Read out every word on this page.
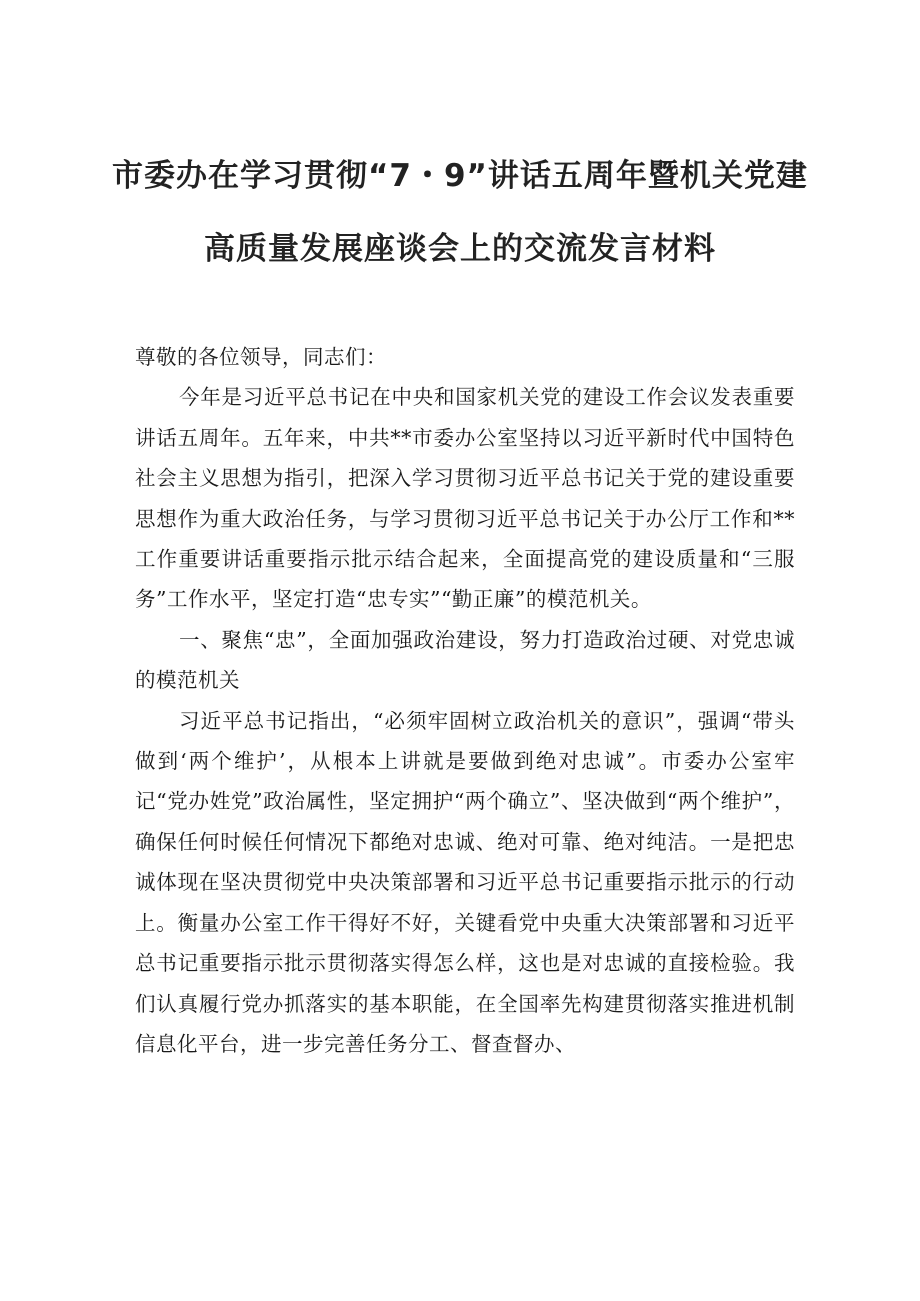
市委办在学习贯彻“7・9”讲话五周年暨机关党建
高质量发展座谈会上的交流发言材料

尊敬的各位领导，同志们：

今年是习近平总书记在中央和国家机关党的建设工作会议发表重要讲话五周年。五年来，中共**市委办公室坚持以习近平新时代中国特色社会主义思想为指引，把深入学习贯彻习近平总书记关于党的建设重要思想作为重大政治任务，与学习贯彻习近平总书记关于办公厅工作和**工作重要讲话重要指示批示结合起来，全面提高党的建设质量和“三服务”工作水平，坚定打造“忠专实”“勤正廉”的模范机关。

一、聚焦“忠”，全面加强政治建设，努力打造政治过硬、对党忠诚的模范机关

习近平总书记指出，“必须牢固树立政治机关的意识”，强调“带头做到‘两个维护’，从根本上讲就是要做到绝对忠诚”。市委办公室牢记“党办姓党”政治属性，坚定拥护“两个确立”、坚决做到“两个维护”，确保任何时候任何情况下都绝对忠诚、绝对可靠、绝对纯洁。一是把忠诚体现在坚决贯彻党中央决策部署和习近平总书记重要指示批示的行动上。衡量办公室工作干得好不好，关键看党中央重大决策部署和习近平总书记重要指示批示贯彻落实得怎么样，这也是对忠诚的直接检验。我们认真履行党办抓落实的基本职能，在全国率先构建贯彻落实推进机制信息化平台，进一步完善任务分工、督查督办、
